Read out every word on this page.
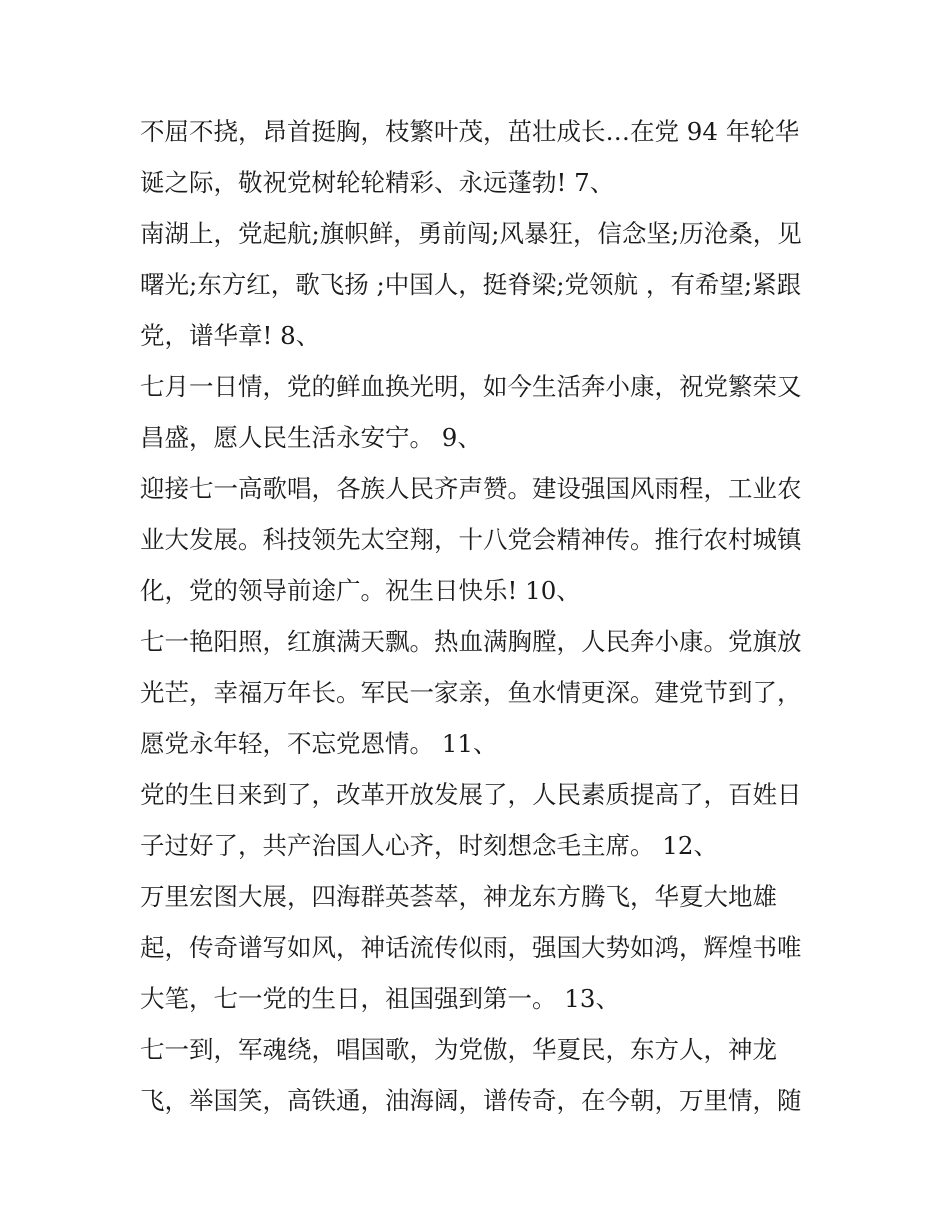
不屈不挠，昂首挺胸，枝繁叶茂，茁壮成长…在党 94 年轮华
诞之际，敬祝党树轮轮精彩、永远蓬勃! 7、
南湖上，党起航;旗帜鲜，勇前闯;风暴狂，信念坚;历沧桑，见
曙光;东方红，歌飞扬 ;中国人，挺脊梁;党领航 ，有希望;紧跟
党，谱华章! 8、
七月一日情，党的鲜血换光明，如今生活奔小康，祝党繁荣又
昌盛，愿人民生活永安宁。 9、
迎接七一高歌唱，各族人民齐声赞。建设强国风雨程，工业农
业大发展。科技领先太空翔，十八党会精神传。推行农村城镇
化，党的领导前途广。祝生日快乐! 10、
七一艳阳照，红旗满天飘。热血满胸膛，人民奔小康。党旗放
光芒，幸福万年长。军民一家亲，鱼水情更深。建党节到了，
愿党永年轻，不忘党恩情。 11、
党的生日来到了，改革开放发展了，人民素质提高了，百姓日
子过好了，共产治国人心齐，时刻想念毛主席。 12、
万里宏图大展，四海群英荟萃，神龙东方腾飞，华夏大地雄
起，传奇谱写如风，神话流传似雨，强国大势如鸿，辉煌书唯
大笔，七一党的生日，祖国强到第一。 13、
七一到，军魂绕，唱国歌，为党傲，华夏民，东方人，神龙
飞，举国笑，高铁通，油海阔，谱传奇，在今朝，万里情，随
